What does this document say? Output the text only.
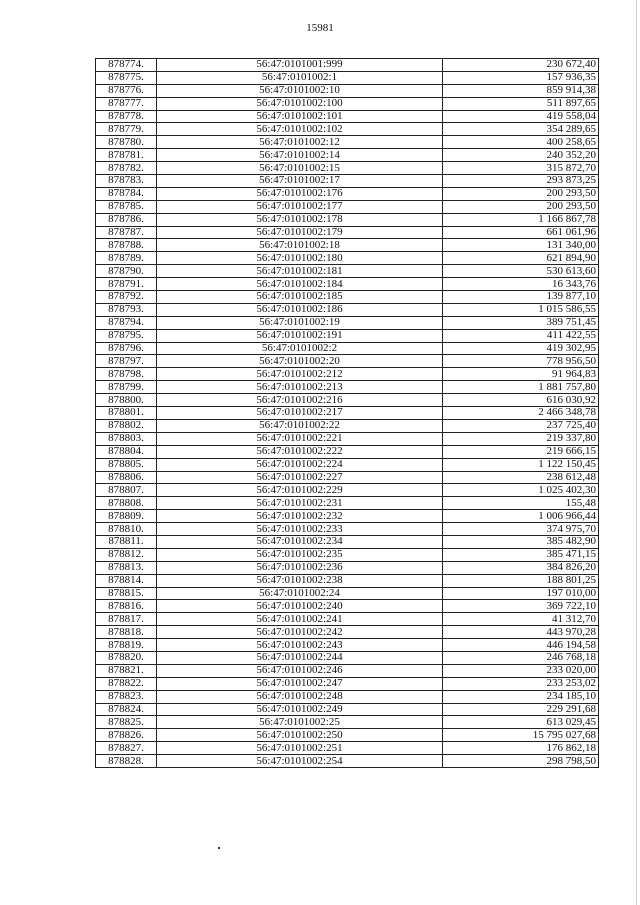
15981
878774.	56:47:0101001:999	230 672,40
878775.	56:47:0101002:1	157 936,35
878776.	56:47:0101002:10	859 914,38
878777.	56:47:0101002:100	511 897,65
878778.	56:47:0101002:101	419 558,04
878779.	56:47:0101002:102	354 289,65
878780.	56:47:0101002:12	400 258,65
878781.	56:47:0101002:14	240 352,20
878782.	56:47:0101002:15	315 872,70
878783.	56:47:0101002:17	293 873,25
878784.	56:47:0101002:176	200 293,50
878785.	56:47:0101002:177	200 293,50
878786.	56:47:0101002:178	1 166 867,78
878787.	56:47:0101002:179	661 061,96
878788.	56:47:0101002:18	131 340,00
878789.	56:47:0101002:180	621 894,90
878790.	56:47:0101002:181	530 613,60
878791.	56:47:0101002:184	16 343,76
878792.	56:47:0101002:185	139 877,10
878793.	56:47:0101002:186	1 015 586,55
878794.	56:47:0101002:19	389 751,45
878795.	56:47:0101002:191	411 422,55
878796.	56:47:0101002:2	419 302,95
878797.	56:47:0101002:20	778 956,50
878798.	56:47:0101002:212	91 964,83
878799.	56:47:0101002:213	1 881 757,80
878800.	56:47:0101002:216	616 030,92
878801.	56:47:0101002:217	2 466 348,78
878802.	56:47:0101002:22	237 725,40
878803.	56:47:0101002:221	219 337,80
878804.	56:47:0101002:222	219 666,15
878805.	56:47:0101002:224	1 122 150,45
878806.	56:47:0101002:227	238 612,48
878807.	56:47:0101002:229	1 025 402,30
878808.	56:47:0101002:231	155,48
878809.	56:47:0101002:232	1 006 966,44
878810.	56:47:0101002:233	374 975,70
878811.	56:47:0101002:234	385 482,90
878812.	56:47:0101002:235	385 471,15
878813.	56:47:0101002:236	384 826,20
878814.	56:47:0101002:238	188 801,25
878815.	56:47:0101002:24	197 010,00
878816.	56:47:0101002:240	369 722,10
878817.	56:47:0101002:241	41 312,70
878818.	56:47:0101002:242	443 970,28
878819.	56:47:0101002:243	446 194,58
878820.	56:47:0101002:244	246 768,18
878821.	56:47:0101002:246	233 020,00
878822.	56:47:0101002:247	233 253,02
878823.	56:47:0101002:248	234 185,10
878824.	56:47:0101002:249	229 291,68
878825.	56:47:0101002:25	613 029,45
878826.	56:47:0101002:250	15 795 027,68
878827.	56:47:0101002:251	176 862,18
878828.	56:47:0101002:254	298 798,50
